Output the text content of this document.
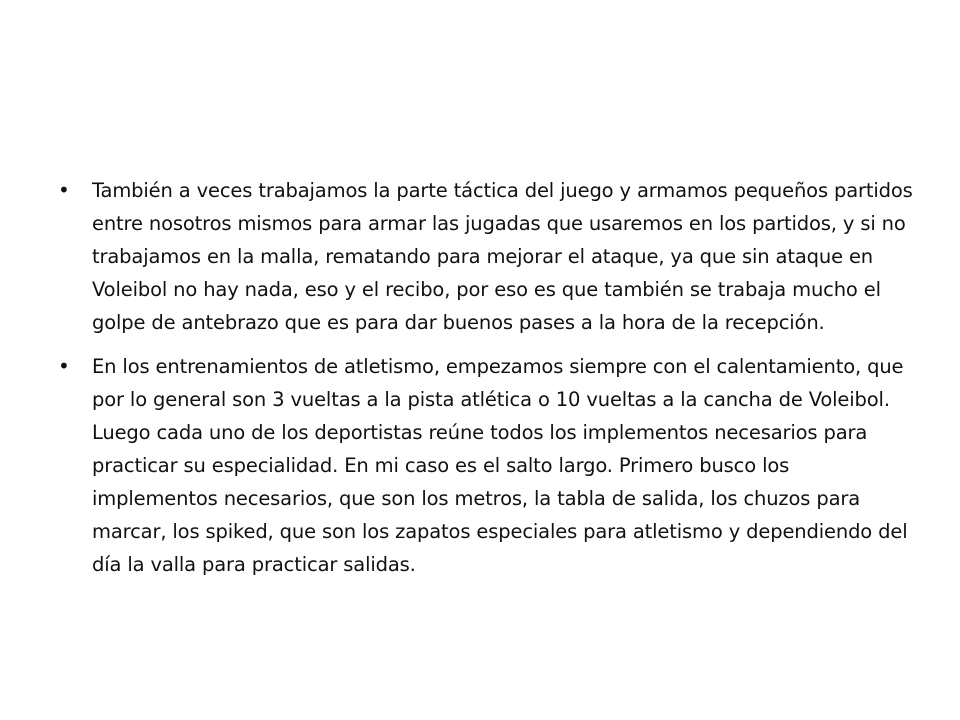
• También a veces trabajamos la parte táctica del juego y armamos pequeños partidos entre nosotros mismos para armar las jugadas que usaremos en los partidos, y si no trabajamos en la malla, rematando para mejorar el ataque, ya que sin ataque en Voleibol no hay nada, eso y el recibo, por eso es que también se trabaja mucho el golpe de antebrazo que es para dar buenos pases a la hora de la recepción.
• En los entrenamientos de atletismo, empezamos siempre con el calentamiento, que por lo general son 3 vueltas a la pista atlética o 10 vueltas a la cancha de Voleibol. Luego cada uno de los deportistas reúne todos los implementos necesarios para practicar su especialidad. En mi caso es el salto largo. Primero busco los implementos necesarios, que son los metros, la tabla de salida, los chuzos para marcar, los spiked, que son los zapatos especiales para atletismo y dependiendo del día la valla para practicar salidas.
